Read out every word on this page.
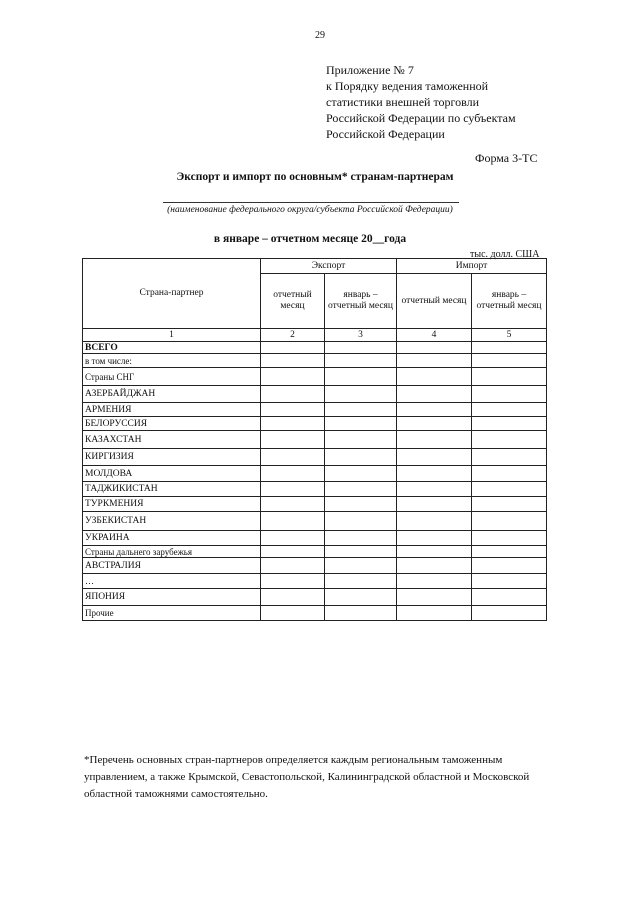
29
Приложение № 7
к Порядку ведения таможенной
статистики внешней торговли
Российской Федерации по субъектам
Российской Федерации
Форма 3-ТС
Экспорт и импорт по основным* странам-партнерам
(наименование федерального округа/субъекта Российской Федерации)
в январе – отчетном месяце 20__года
тыс. долл. США
Страна-партнер	Экспорт		Импорт	
	отчетный месяц	январь – отчетный месяц	отчетный месяц	январь – отчетный месяц
1	2	3	4	5
ВСЕГО				
в том числе:				
Страны СНГ				
АЗЕРБАЙДЖАН				
АРМЕНИЯ				
БЕЛОРУССИЯ				
КАЗАХСТАН				
КИРГИЗИЯ				
МОЛДОВА				
ТАДЖИКИСТАН				
ТУРКМЕНИЯ				
УЗБЕКИСТАН				
УКРАИНА				
Страны дальнего зарубежья				
АВСТРАЛИЯ				
…				
ЯПОНИЯ				
Прочие				
*Перечень основных стран-партнеров определяется каждым региональным таможенным управлением, а также Крымской, Севастопольской, Калининградской областной и Московской областной таможнями самостоятельно.
